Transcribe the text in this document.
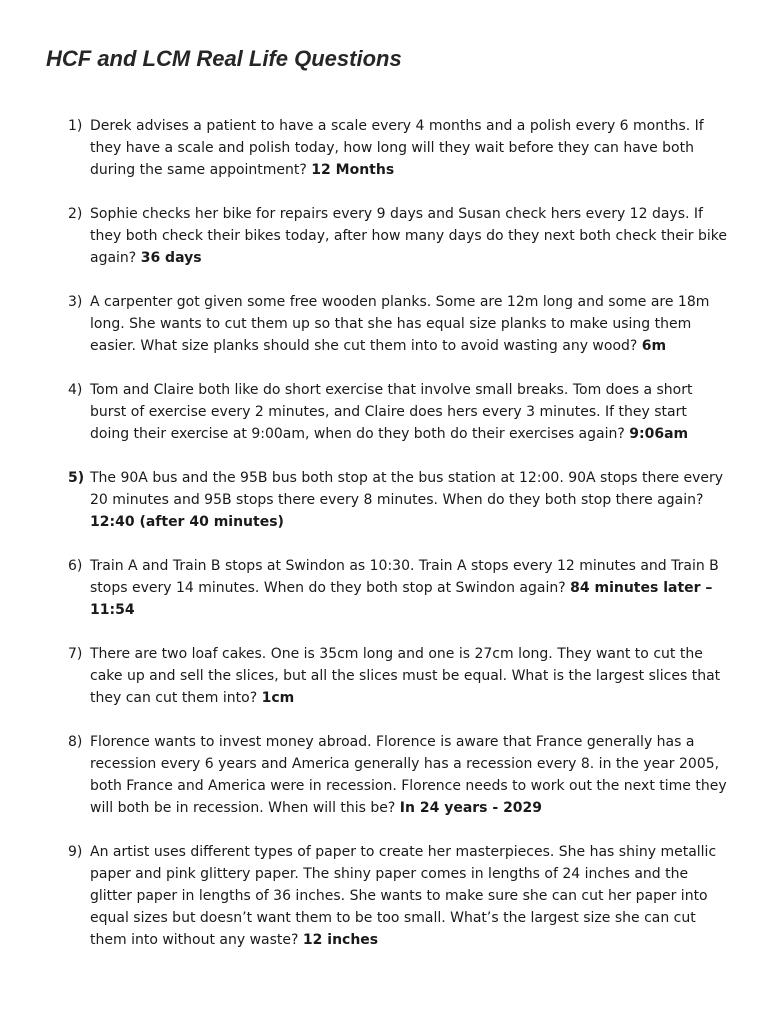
HCF and LCM Real Life Questions
1) Derek advises a patient to have a scale every 4 months and a polish every 6 months. If they have a scale and polish today, how long will they wait before they can have both during the same appointment? 12 Months
2) Sophie checks her bike for repairs every 9 days and Susan check hers every 12 days. If they both check their bikes today, after how many days do they next both check their bike again? 36 days
3) A carpenter got given some free wooden planks. Some are 12m long and some are 18m long. She wants to cut them up so that she has equal size planks to make using them easier. What size planks should she cut them into to avoid wasting any wood? 6m
4) Tom and Claire both like do short exercise that involve small breaks. Tom does a short burst of exercise every 2 minutes, and Claire does hers every 3 minutes. If they start doing their exercise at 9:00am, when do they both do their exercises again? 9:06am
5) The 90A bus and the 95B bus both stop at the bus station at 12:00. 90A stops there every 20 minutes and 95B stops there every 8 minutes. When do they both stop there again? 12:40 (after 40 minutes)
6) Train A and Train B stops at Swindon as 10:30. Train A stops every 12 minutes and Train B stops every 14 minutes. When do they both stop at Swindon again? 84 minutes later – 11:54
7) There are two loaf cakes. One is 35cm long and one is 27cm long. They want to cut the cake up and sell the slices, but all the slices must be equal. What is the largest slices that they can cut them into? 1cm
8) Florence wants to invest money abroad. Florence is aware that France generally has a recession every 6 years and America generally has a recession every 8. in the year 2005, both France and America were in recession. Florence needs to work out the next time they will both be in recession. When will this be? In 24 years - 2029
9) An artist uses different types of paper to create her masterpieces. She has shiny metallic paper and pink glittery paper. The shiny paper comes in lengths of 24 inches and the glitter paper in lengths of 36 inches. She wants to make sure she can cut her paper into equal sizes but doesn’t want them to be too small. What’s the largest size she can cut them into without any waste? 12 inches
